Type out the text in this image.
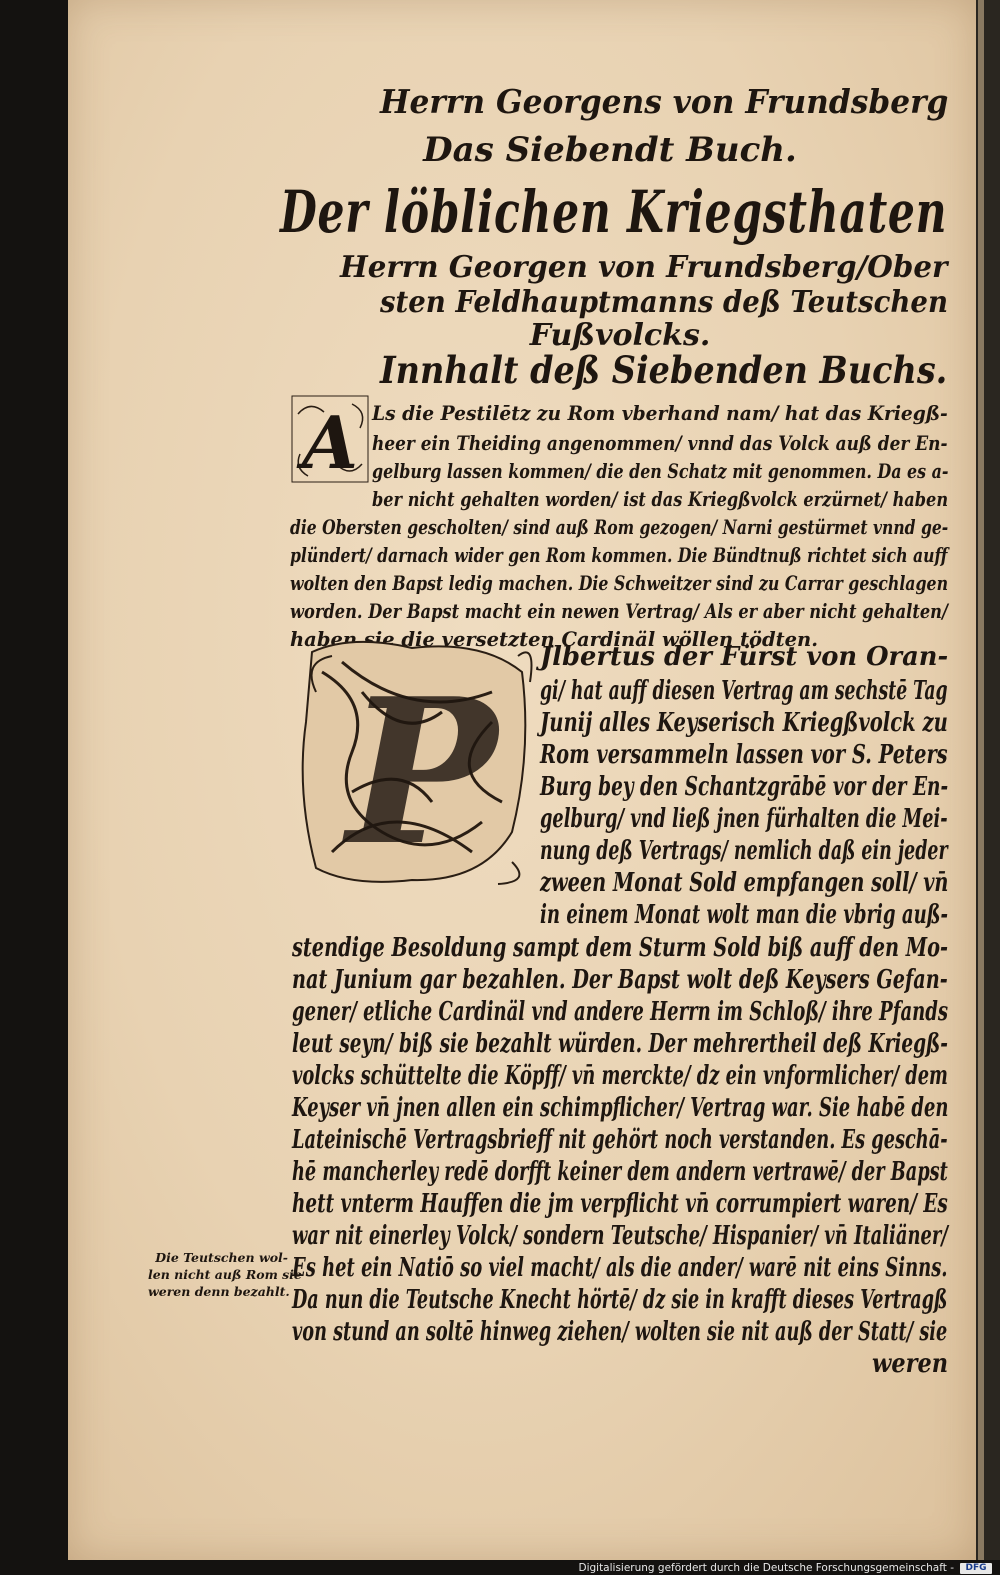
Herrn Georgens von Frundsberg
Das Siebendt Buch.
Der löblichen Kriegsthaten
Herrn Georgen von Frundsberg/Ober
sten Feldhauptmanns deß Teutschen
Fußvolcks.
Innhalt deß Siebenden Buchs.
A Ls die Pestilētz zu Rom vberhand nam/ hat das Kriegß-
heer ein Theiding angenommen/ vnnd das Volck auß der En-
gelburg lassen kommen/ die den Schatz mit genommen. Da es a-
ber nicht gehalten worden/ ist das Kriegßvolck erzürnet/ haben
die Obersten gescholten/ sind auß Rom gezogen/ Narni gestürmet vnnd ge-
plündert/ darnach wider gen Rom kommen. Die Bündtnuß richtet sich auff
wolten den Bapst ledig machen. Die Schweitzer sind zu Carrar geschlagen
worden. Der Bapst macht ein newen Vertrag/ Als er aber nicht gehalten/
haben sie die versetzten Cardinäl wöllen tödten.
P Jlbertus der Fürst von Oran-
gi/ hat auff diesen Vertrag am sechstē Tag
Junij alles Keyserisch Kriegßvolck zu
Rom versammeln lassen vor S. Peters
Burg bey den Schantzgrābē vor der En-
gelburg/ vnd ließ jnen fürhalten die Mei-
nung deß Vertrags/ nemlich daß ein jeder
zween Monat Sold empfangen soll/ vn̄
in einem Monat wolt man die vbrig auß-
stendige Besoldung sampt dem Sturm Sold biß auff den Mo-
nat Junium gar bezahlen. Der Bapst wolt deß Keysers Gefan-
gener/ etliche Cardinäl vnd andere Herrn im Schloß/ ihre Pfands
leut seyn/ biß sie bezahlt würden. Der mehrertheil deß Kriegß-
volcks schüttelte die Köpff/ vn̄ merckte/ dz ein vnformlicher/ dem
Keyser vn̄ jnen allen ein schimpflicher/ Vertrag war. Sie habē den
Lateinischē Vertragsbrieff nit gehört noch verstanden. Es geschā-
hē mancherley redē dorfft keiner dem andern vertrawē/ der Bapst
hett vnterm Hauffen die jm verpflicht vn̄ corrumpiert waren/ Es
war nit einerley Volck/ sondern Teutsche/ Hispanier/ vn̄ Italiäner/
Es het ein Natiō so viel macht/ als die ander/ warē nit eins Sinns.
Da nun die Teutsche Knecht hörtē/ dz sie in krafft dieses Vertragß
von stund an soltē hinweg ziehen/ wolten sie nit auß der Statt/ sie
weren
Die Teutschen wol-
len nicht auß Rom sie
weren denn bezahlt.
Digitalisierung gefördert durch die Deutsche Forschungsgemeinschaft -	DFG
